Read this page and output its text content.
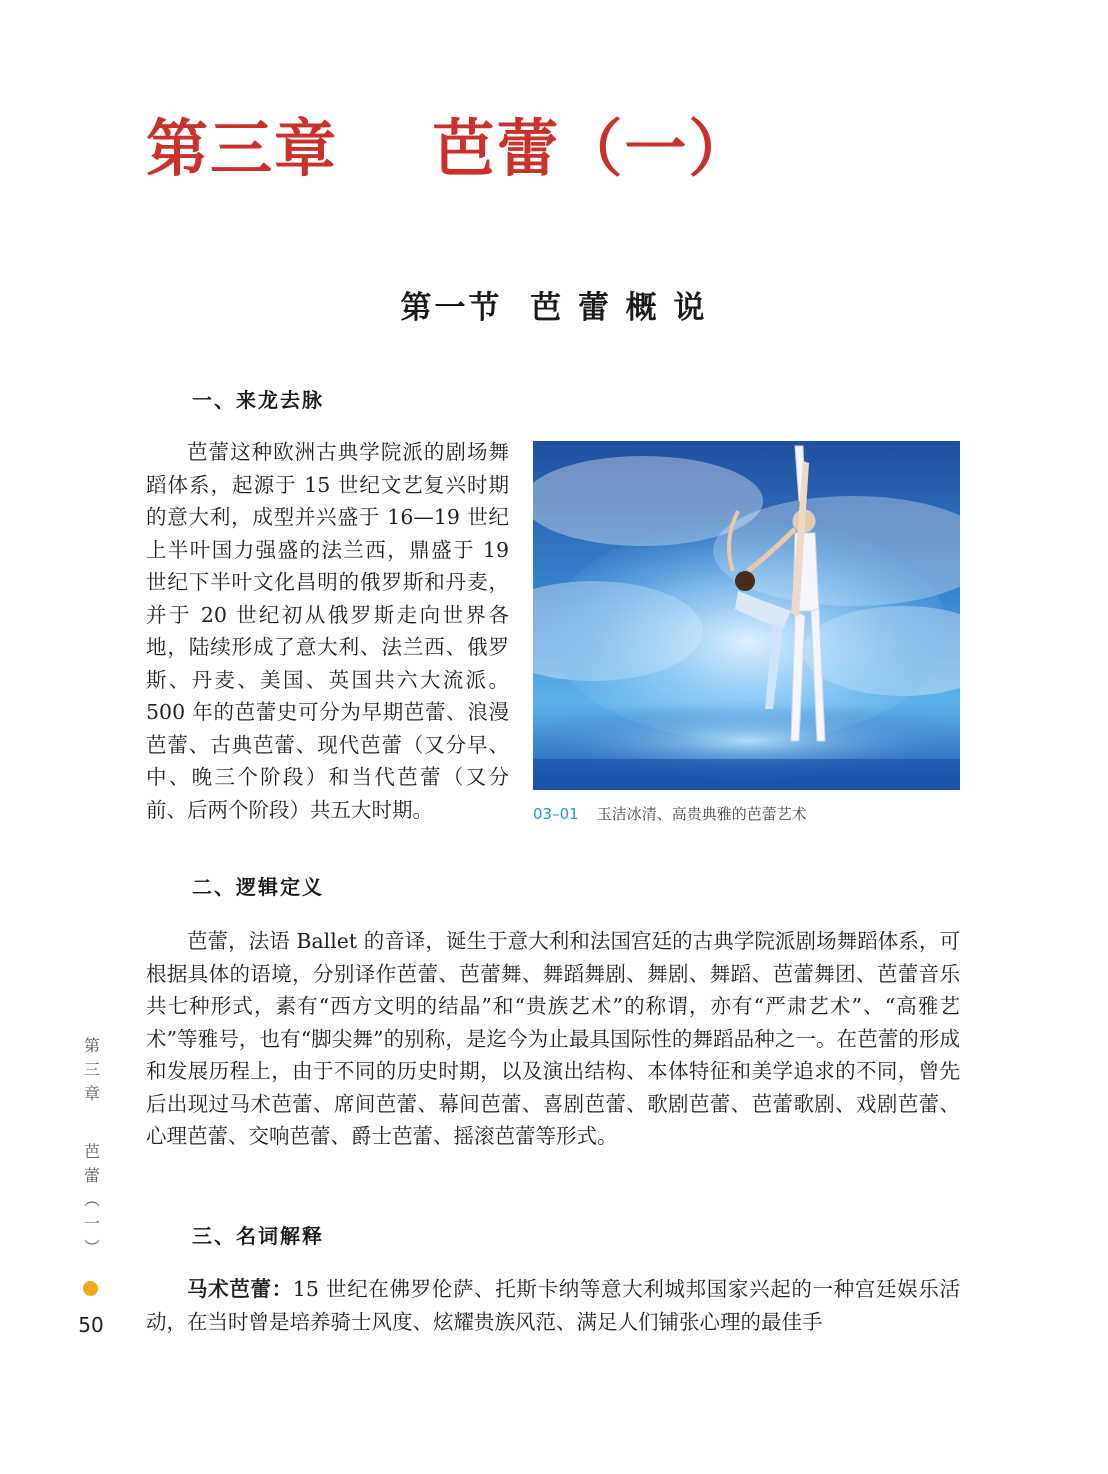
第三章    芭蕾（一）
第一节  芭 蕾 概 说
一、来龙去脉

芭蕾这种欧洲古典学院派的剧场舞蹈体系，起源于 15 世纪文艺复兴时期的意大利，成型并兴盛于 16—19 世纪上半叶国力强盛的法兰西，鼎盛于 19 世纪下半叶文化昌明的俄罗斯和丹麦，并于 20 世纪初从俄罗斯走向世界各地，陆续形成了意大利、法兰西、俄罗斯、丹麦、美国、英国共六大流派。500 年的芭蕾史可分为早期芭蕾、浪漫芭蕾、古典芭蕾、现代芭蕾（又分早、中、晚三个阶段）和当代芭蕾（又分前、后两个阶段）共五大时期。	03–01 玉洁冰清、高贵典雅的芭蕾艺术
二、逻辑定义

芭蕾，法语 Ballet 的音译，诞生于意大利和法国宫廷的古典学院派剧场舞蹈体系，可根据具体的语境，分别译作芭蕾、芭蕾舞、舞蹈舞剧、舞剧、舞蹈、芭蕾舞团、芭蕾音乐共七种形式，素有“西方文明的结晶”和“贵族艺术”的称谓，亦有“严肃艺术”、“高雅艺术”等雅号，也有“脚尖舞”的别称，是迄今为止最具国际性的舞蹈品种之一。在芭蕾的形成和发展历程上，由于不同的历史时期，以及演出结构、本体特征和美学追求的不同，曾先后出现过马术芭蕾、席间芭蕾、幕间芭蕾、喜剧芭蕾、歌剧芭蕾、芭蕾歌剧、戏剧芭蕾、心理芭蕾、交响芭蕾、爵士芭蕾、摇滚芭蕾等形式。

三、名词解释

马术芭蕾：15 世纪在佛罗伦萨、托斯卡纳等意大利城邦国家兴起的一种宫廷娱乐活动，在当时曾是培养骑士风度、炫耀贵族风范、满足人们铺张心理的最佳手

第
三
章
芭
蕾
︵
一
︶
50
